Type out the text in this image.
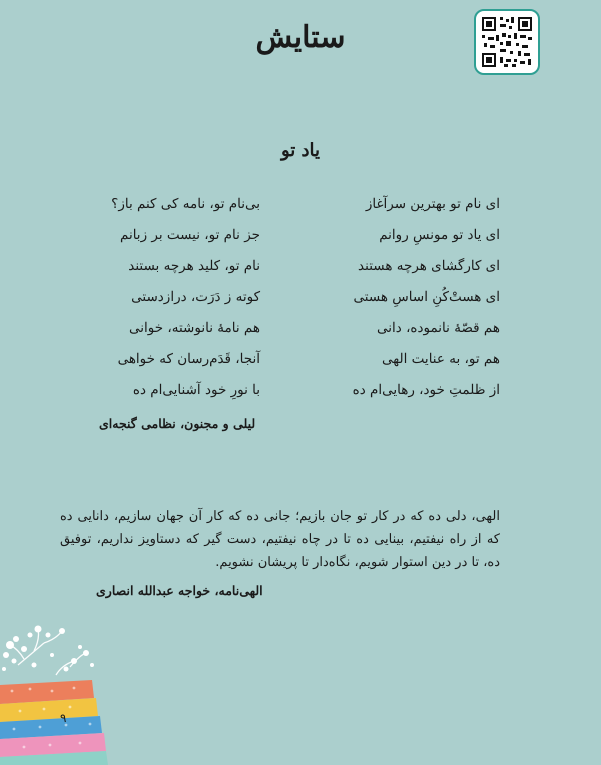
ستایش
یاد تو
ای نام تو بهترین سرآغاز
بی‌نام تو، نامه کی کنم باز؟
ای یاد تو مونسِ روانم
جز نام تو، نیست بر زبانم
ای کارگشای هرچه هستند
نام تو، کلید هرچه بستند
ای هستْ‌کُنِ اساسِ هستی
کوته ز دَرَت، درازدستی
هم قصّهٔ نانموده، دانی
هم نامهٔ نانوشته، خوانی
هم تو، به عنایت الهی
آنجا، قَدَم‌رسان که خواهی
از ظلمتِ خود، رهایی‌ام ده
با نورِ خود آشنایی‌ام ده
لیلی و مجنون، نظامی گنجه‌ای
الهی، دلی ده که در کار تو جان بازیم؛ جانی ده که کار آن جهان سازیم، دانایی ده که از راه نیفتیم، بینایی ده تا در چاه نیفتیم، دست گیر که دستاویز نداریم، توفیق ده، تا در دین استوار شویم، نگاه‌دار تا پریشان نشویم.
الهی‌نامه، خواجه عبدالله انصاری
۹
